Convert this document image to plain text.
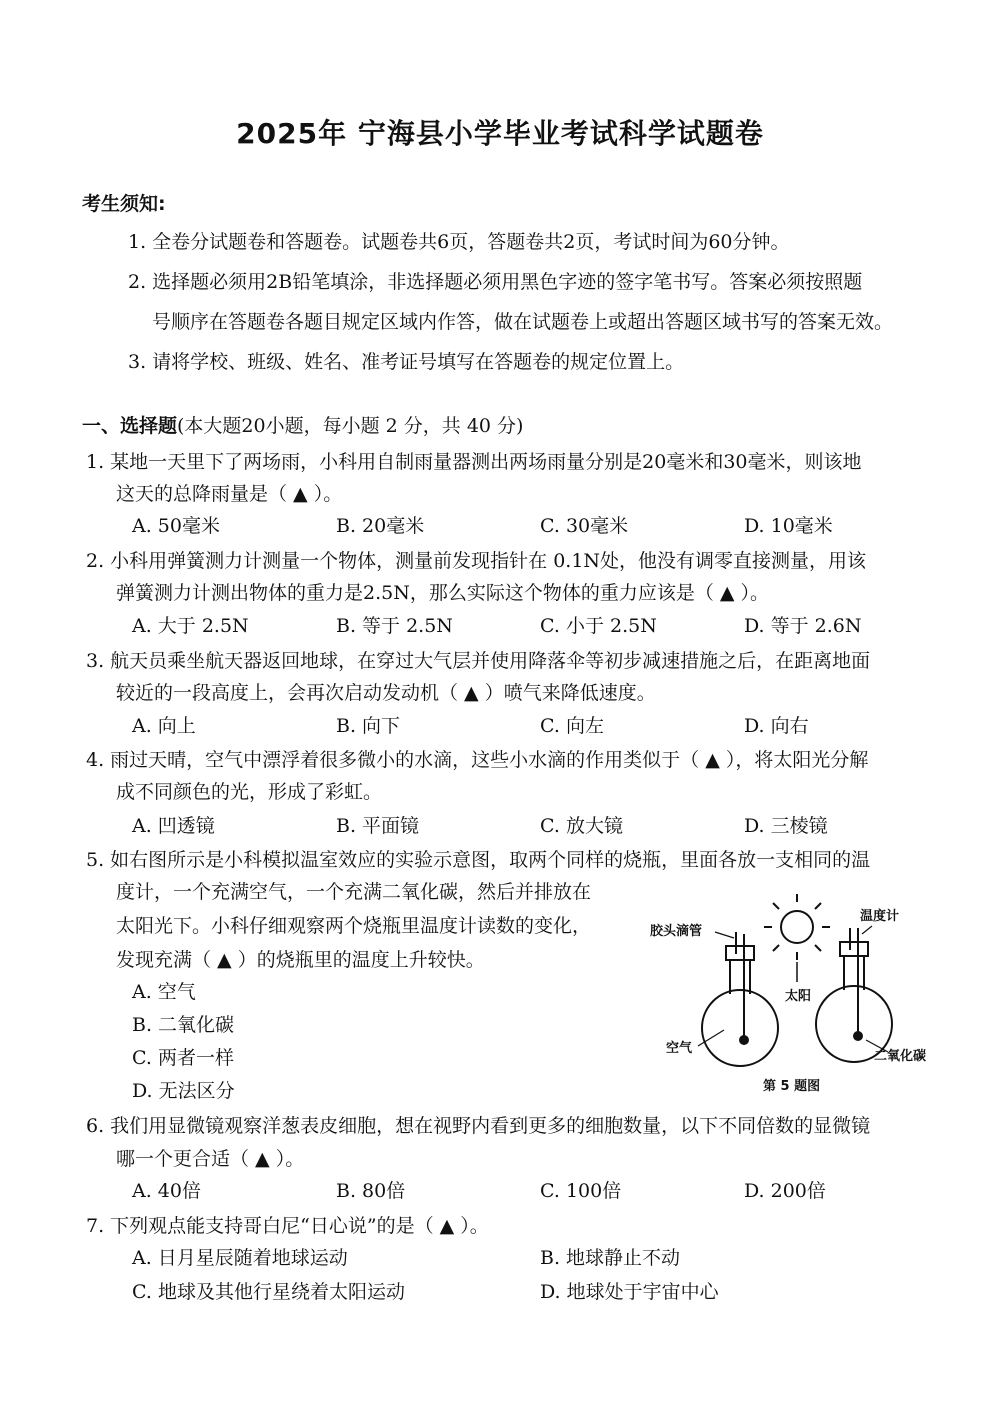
2025年 宁海县小学毕业考试科学试题卷
考生须知:
1. 全卷分试题卷和答题卷。试题卷共6页，答题卷共2页，考试时间为60分钟。
2. 选择题必须用2B铅笔填涂，非选择题必须用黑色字迹的签字笔书写。答案必须按照题
号顺序在答题卷各题目规定区域内作答，做在试题卷上或超出答题区域书写的答案无效。
3. 请将学校、班级、姓名、准考证号填写在答题卷的规定位置上。
一、选择题(本大题20小题，每小题 2 分，共 40 分)
1. 某地一天里下了两场雨，小科用自制雨量器测出两场雨量分别是20毫米和30毫米，则该地
这天的总降雨量是（ ▲ ）。
A. 50毫米	B. 20毫米	C. 30毫米	D. 10毫米
2. 小科用弹簧测力计测量一个物体，测量前发现指针在 0.1N处，他没有调零直接测量，用该
弹簧测力计测出物体的重力是2.5N，那么实际这个物体的重力应该是（ ▲ ）。
A. 大于 2.5N	B. 等于 2.5N	C. 小于 2.5N	D. 等于 2.6N
3. 航天员乘坐航天器返回地球，在穿过大气层并使用降落伞等初步减速措施之后，在距离地面
较近的一段高度上，会再次启动发动机（ ▲ ）喷气来降低速度。
A. 向上	B. 向下	C. 向左	D. 向右
4. 雨过天晴，空气中漂浮着很多微小的水滴，这些小水滴的作用类似于（ ▲ ），将太阳光分解
成不同颜色的光，形成了彩虹。
A. 凹透镜	B. 平面镜	C. 放大镜	D. 三棱镜
5. 如右图所示是小科模拟温室效应的实验示意图，取两个同样的烧瓶，里面各放一支相同的温
度计，一个充满空气，一个充满二氧化碳，然后并排放在
太阳光下。小科仔细观察两个烧瓶里温度计读数的变化，
发现充满（ ▲ ）的烧瓶里的温度上升较快。
A. 空气
B. 二氧化碳
C. 两者一样
D. 无法区分
太阳
胶头滴管
空气
温度计
二氧化碳
第 5 题图
6. 我们用显微镜观察洋葱表皮细胞，想在视野内看到更多的细胞数量，以下不同倍数的显微镜
哪一个更合适（ ▲ ）。
A. 40倍	B. 80倍	C. 100倍	D. 200倍
7. 下列观点能支持哥白尼“日心说”的是（ ▲ ）。
A. 日月星辰随着地球运动	B. 地球静止不动
C. 地球及其他行星绕着太阳运动	D. 地球处于宇宙中心
